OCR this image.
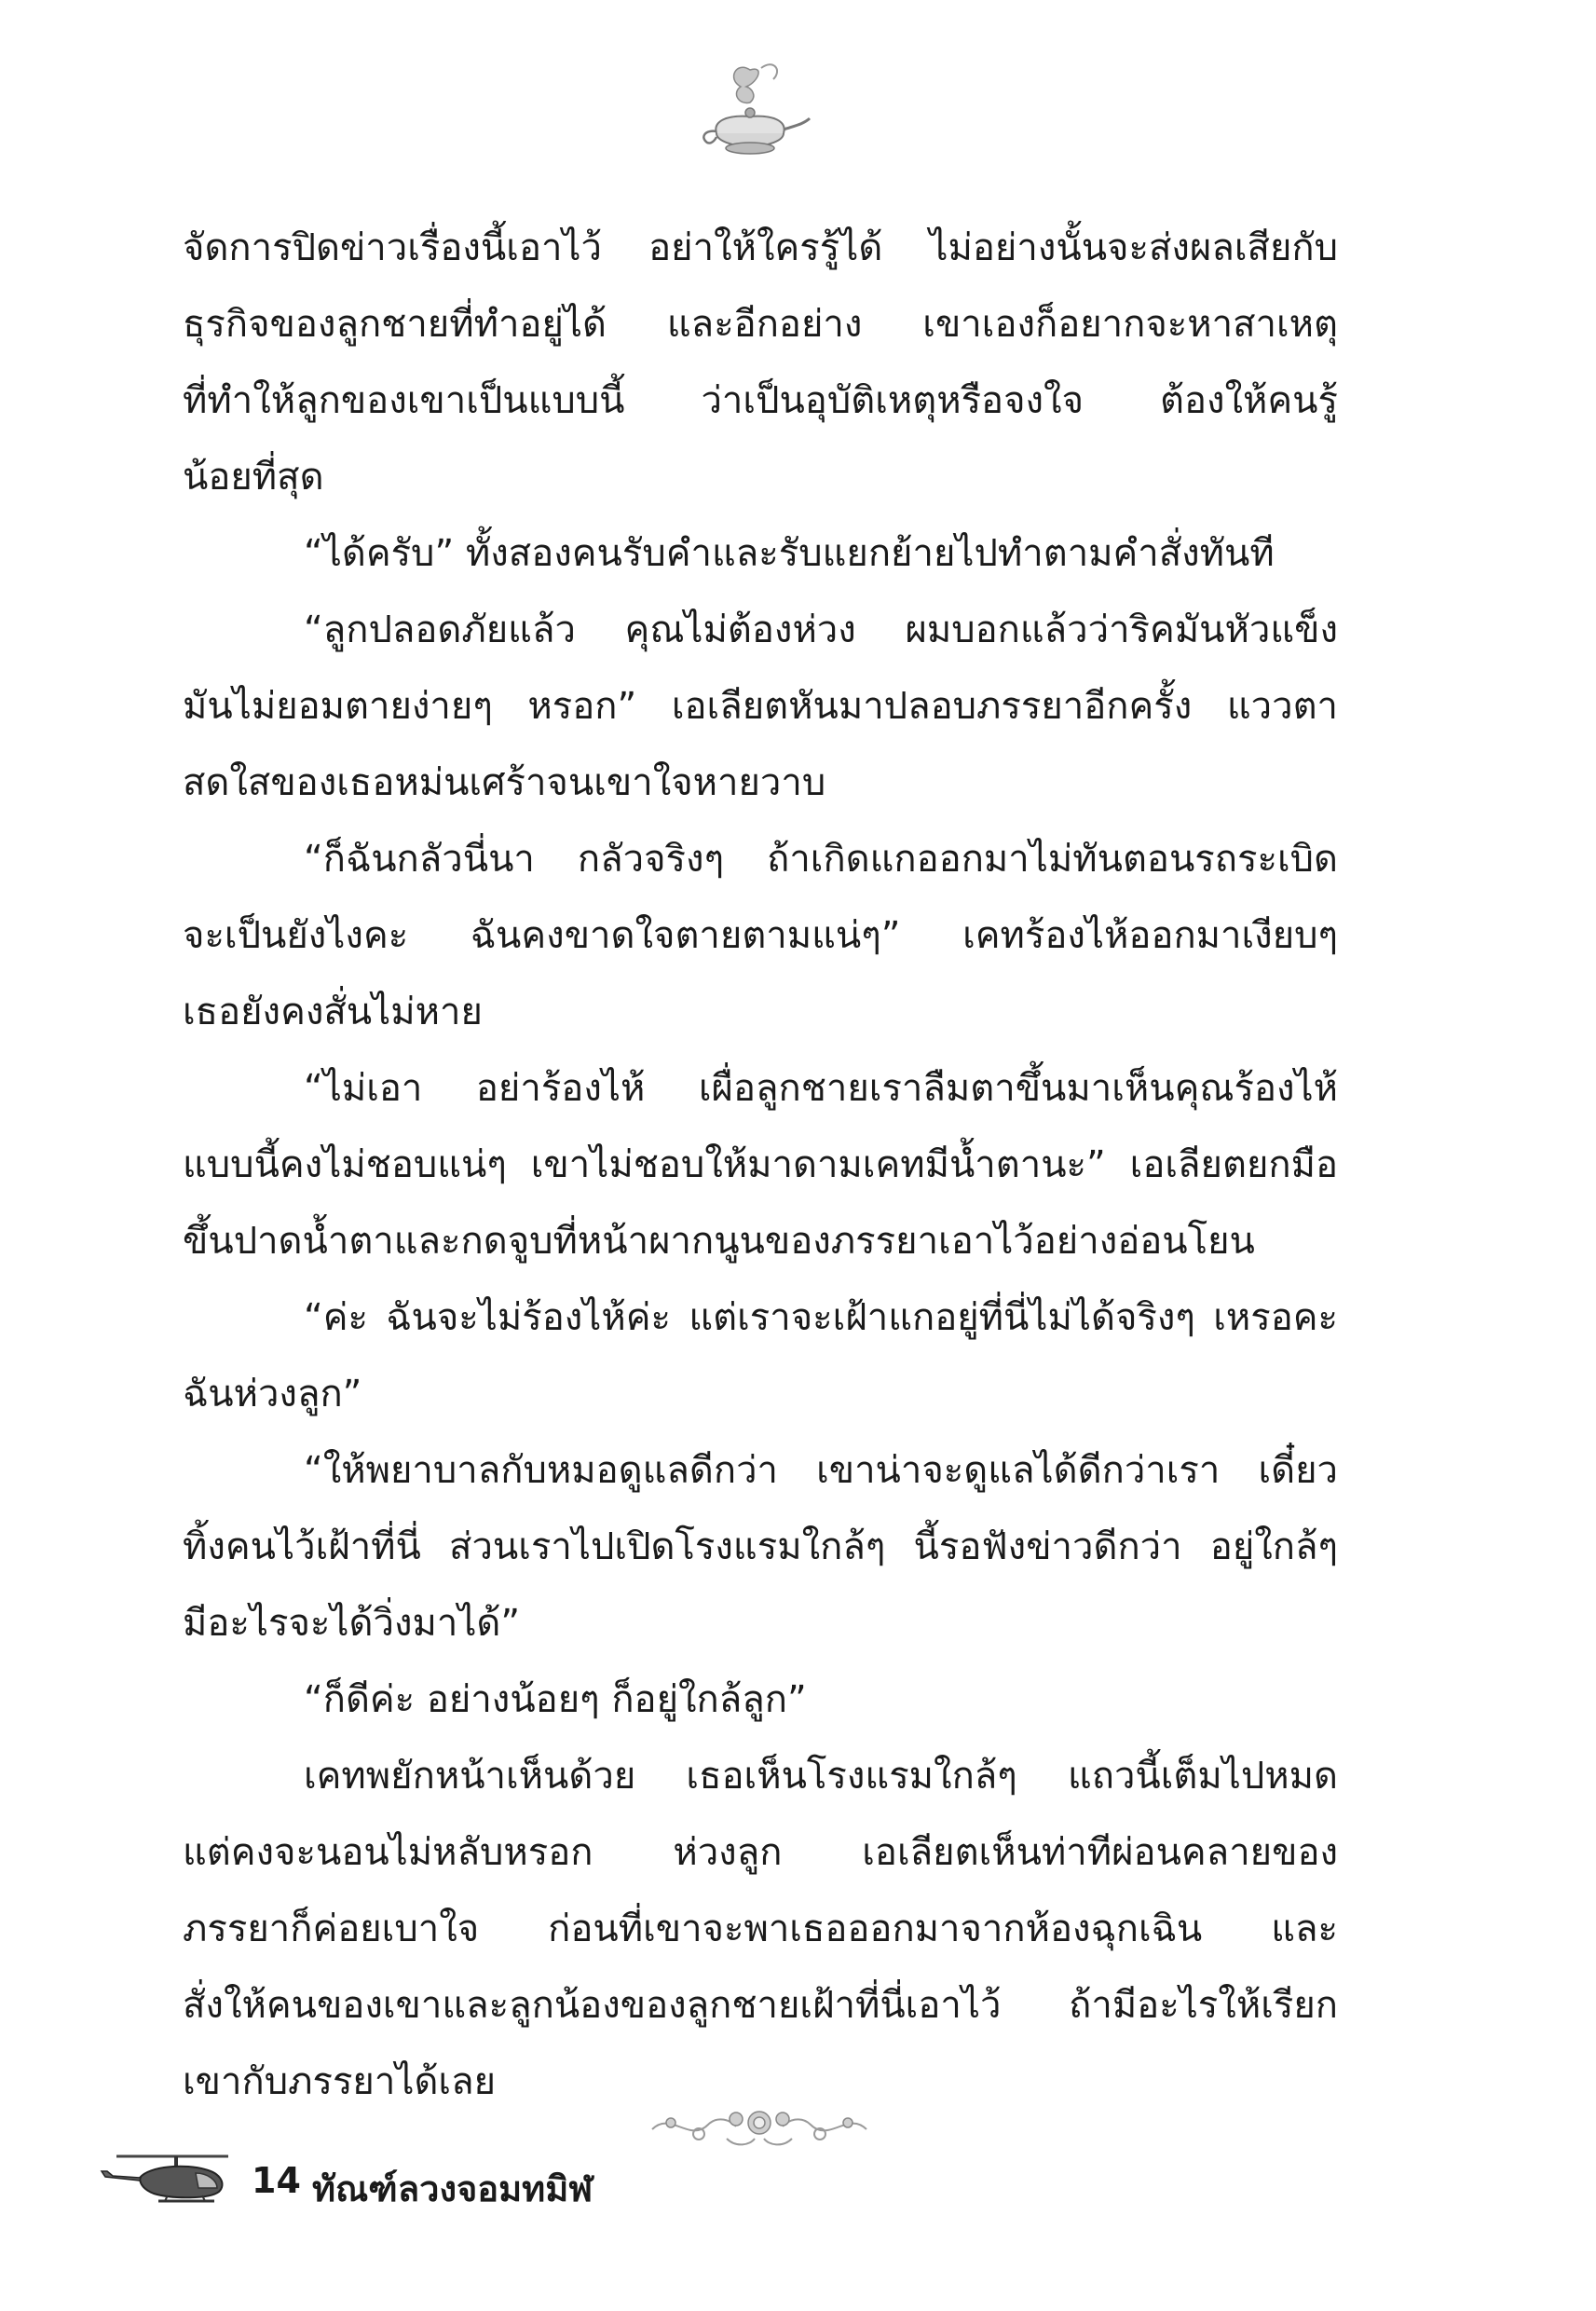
จัดการปิดข่าวเรื่องนี้เอาไว้ อย่าให้ใครรู้ได้ ไม่อย่างนั้นจะส่งผลเสียกับ
ธุรกิจของลูกชายที่ทำอยู่ได้ และอีกอย่าง เขาเองก็อยากจะหาสาเหตุ
ที่ทำให้ลูกของเขาเป็นแบบนี้ ว่าเป็นอุบัติเหตุหรือจงใจ ต้องให้คนรู้
น้อยที่สุด
“ได้ครับ” ทั้งสองคนรับคำและรับแยกย้ายไปทำตามคำสั่งทันที
“ลูกปลอดภัยแล้ว คุณไม่ต้องห่วง ผมบอกแล้วว่าริคมันหัวแข็ง
มันไม่ยอมตายง่ายๆ หรอก” เอเลียตหันมาปลอบภรรยาอีกครั้ง แววตา
สดใสของเธอหม่นเศร้าจนเขาใจหายวาบ
“ก็ฉันกลัวนี่นา กลัวจริงๆ ถ้าเกิดแกออกมาไม่ทันตอนรถระเบิด
จะเป็นยังไงคะ ฉันคงขาดใจตายตามแน่ๆ” เคทร้องไห้ออกมาเงียบๆ
เธอยังคงสั่นไม่หาย
“ไม่เอา อย่าร้องไห้ เผื่อลูกชายเราลืมตาขึ้นมาเห็นคุณร้องไห้
แบบนี้คงไม่ชอบแน่ๆ เขาไม่ชอบให้มาดามเคทมีน้ำตานะ” เอเลียตยกมือ
ขึ้นปาดน้ำตาและกดจูบที่หน้าผากนูนของภรรยาเอาไว้อย่างอ่อนโยน
“ค่ะ ฉันจะไม่ร้องไห้ค่ะ แต่เราจะเฝ้าแกอยู่ที่นี่ไม่ได้จริงๆ เหรอคะ
ฉันห่วงลูก”
“ให้พยาบาลกับหมอดูแลดีกว่า เขาน่าจะดูแลได้ดีกว่าเรา เดี๋ยว
ทิ้งคนไว้เฝ้าที่นี่ ส่วนเราไปเปิดโรงแรมใกล้ๆ นี้รอฟังข่าวดีกว่า อยู่ใกล้ๆ
มีอะไรจะได้วิ่งมาได้”
“ก็ดีค่ะ อย่างน้อยๆ ก็อยู่ใกล้ลูก”
เคทพยักหน้าเห็นด้วย เธอเห็นโรงแรมใกล้ๆ แถวนี้เต็มไปหมด
แต่คงจะนอนไม่หลับหรอก ห่วงลูก เอเลียตเห็นท่าทีผ่อนคลายของ
ภรรยาก็ค่อยเบาใจ ก่อนที่เขาจะพาเธอออกมาจากห้องฉุกเฉิน และ
สั่งให้คนของเขาและลูกน้องของลูกชายเฝ้าที่นี่เอาไว้ ถ้ามีอะไรให้เรียก
เขากับภรรยาได้เลย
14 ทัณฑ์ลวงจอมทมิฬ
